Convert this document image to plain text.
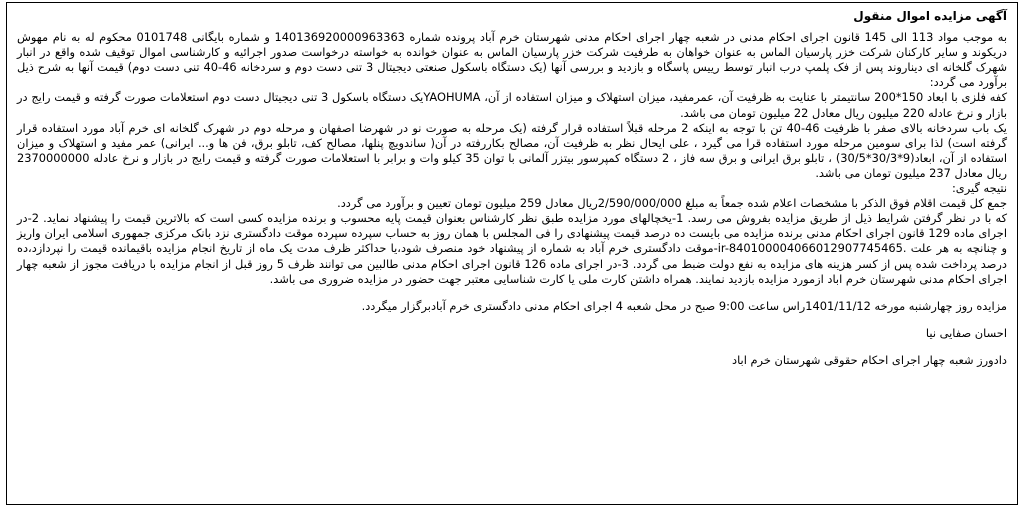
آگهی مزایده اموال منقول

به موجب مواد 113 الی 145 قانون اجرای احکام مدنی در شعبه چهار اجرای احکام مدنی شهرستان خرم آباد پرونده شماره 140136920000963363 و شماره بایگانی 0101748 محکوم له به نام مهوش دریکوند و سایر کارکنان شرکت خزر پارسیان الماس به عنوان خواهان به طرفیت شرکت خزر پارسیان الماس به عنوان خوانده به خواسته درخواست صدور اجرائیه و کارشناسی اموال توقیف شده واقع در انبار شهرک گلخانه ای دیناروند پس از فک پلمپ درب انبار توسط رییس پاسگاه و بازدید و بررسی آنها (یک دستگاه باسکول صنعتی دیجیتال 3 تنی دست دوم و سردخانه 46-40 تنی دست دوم) قیمت آنها به شرح ذیل برآورد می گردد:

کفه فلزی با ابعاد 150*200 سانتیمتر با عنایت به ظرفیت آن، عمرمفید، میزان استهلاک و میزان استفاده از آن، YAOHUMAیک دستگاه باسکول 3 تنی دیجیتال دست دوم استعلامات صورت گرفته و قیمت رایج در بازار و نرخ عادله 220 میلیون ریال معادل 22 میلیون تومان می باشد.

یک باب سردخانه بالای صفر با ظرفیت 46-40 تن با توجه به اینکه 2 مرحله قبلاً استفاده قرار گرفته (یک مرحله به صورت نو در شهرضا اصفهان و مرحله دوم در شهرک گلخانه ای خرم آباد مورد استفاده قرار گرفته است) لذا برای سومین مرحله مورد استفاده قرا می گیرد ، علی ایحال نظر به ظرفیت آن، مصالح بکاررفته در آن( ساندویچ پنلها، مصالح کف، تابلو برق، فن ها و... ایرانی) عمر مفید و استهلاک و میزان استفاده از آن، ابعاد(9*30/3*30/5) ، تابلو برق ایرانی و برق سه فاز ، 2 دستگاه کمپرسور بیتزر آلمانی با توان 35 کیلو وات و برابر با استعلامات صورت گرفته و قیمت رایج در بازار و نرخ عادله 2370000000 ریال معادل 237 میلیون تومان می باشد.

نتیجه گیری:

جمع کل قیمت اقلام فوق الذکر با مشخصات اعلام شده جمعاً به مبلغ 2/590/000/000ریال معادل 259 میلیون تومان تعیین و برآورد می گردد.

که با در نظر گرفتن شرایط ذیل از طریق مزایده بفروش می رسد. 1-یخچالهای مورد مزایده طبق نظر کارشناس بعنوان قیمت پایه محسوب و برنده مزایده کسی است که بالاترین قیمت را پیشنهاد نماید. 2-در اجرای ماده 129 قانون اجرای احکام مدنی برنده مزایده می بایست ده درصد قیمت پیشنهادی را فی المجلس با همان روز به حساب سپرده سپرده موقت دادگستری نزد بانک مرکزی جمهوری اسلامی ایران واریز و چنانچه به هر علت .ir-840100004066012907745465-موقت دادگستری خرم آباد به شماره از پیشنهاد خود منصرف شود،یا حداکثر ظرف مدت یک ماه از تاریخ انجام مزایده باقیمانده قیمت را نپردازد،ده درصد پرداخت شده پس از کسر هزینه های مزایده به نفع دولت ضبط می گردد. 3-در اجرای ماده 126 قانون اجرای احکام مدنی طالبین می توانند ظرف 5 روز قبل از انجام مزایده با دریافت مجوز از شعبه چهار اجرای احکام مدنی شهرستان خرم اباد ازمورد مزایده بازدید نمایند. همراه داشتن کارت ملی یا کارت شناسایی معتبر جهت حضور در مزایده ضروری می باشد.

مزایده روز چهارشنبه مورخه 1401/11/12راس ساعت 9:00 صبح در محل شعبه 4 اجرای احکام مدنی دادگستری خرم آبادبرگزار میگردد.

احسان صفایی نیا

دادورز شعبه چهار اجرای احکام حقوقی شهرستان خرم اباد
